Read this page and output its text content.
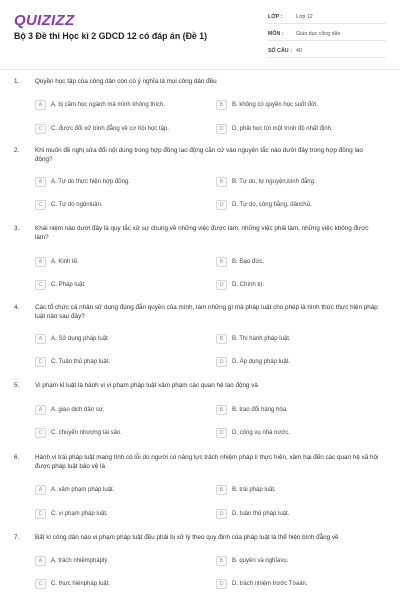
QUIZIZZ
Bộ 3 Đề thi Học kì 2 GDCD 12 có đáp án (Đề 1)
LỚP :	Lớp 12
MÔN :	Giáo dục công dân
SỐ CÂU : 40
1. Quyền học tập của công dân còn có ý nghĩa là mọi công dân đều
A	A. bị cấm học ngành mà mình không thích.	B	B. không có quyền học suốt đời.
C	C. được đối xử bình đẳng về cơ hội học tập.	D	D. phải học tới một trình độ nhất định.
2. Khi muốn đề nghị sửa đổi nội dung trong hợp đồng lao động căn cứ vào nguyên tắc nào dưới đây trong hợp đồng lao động?
A	A. Tự do thực hiện hợp đồng.	B	B. Tự do, tự nguyện,bình đẳng.
C	C. Tự do ngônluận.	D	D. Tự do, công bằng, dânchủ.
3. Khái niệm nào dưới đây là quy tắc xử sự chung về những việc được làm, những việc phải làm, những việc không được làm?
A	A. Kinh tế.	B	B. Đạo đức.
C	C. Pháp luật.	D	D. Chính trị.
4. Các tổ chức cá nhân sử dụng đúng đắn quyền của mình, làm những gì mà pháp luật cho phép là hình thức thực hiện pháp luật nào sau đây?
A	A. Sử dụng pháp luật.	B	B. Thi hành pháp luật.
C	C. Tuân thủ pháp luật.	D	D. Áp dụng pháp luật.
5. Vi phạm kỉ luật là hành vi vi phạm pháp luật xâm phạm các quan hệ lao động và
A	A. giao dịch dân sự.	B	B. trao đổi hàng hóa.
C	C. chuyển nhượng tài sản.	D	D. công vụ nhà nước.
6. Hành vi trái pháp luật mang tính có lỗi do người có năng lực trách nhiệm pháp lí thực hiện, xâm hại đến các quan hệ xã hội được pháp luật bảo vệ là
A	A. xâm phạm pháp luật.	B	B. trái pháp luật.
C	C. vi phạm pháp luật.	D	D. tuân thủ pháp luật.
7. Bất kì công dân nào vi phạm pháp luật đều phải bị xử lý theo quy định của pháp luật là thể hiện bình đẳng về
A	A. trách nhiệmpháplý.	B	B. quyền và nghĩavụ.
C	C. thực hiệnpháp luật.	D	D. trách nhiệm trước Tòaán.
